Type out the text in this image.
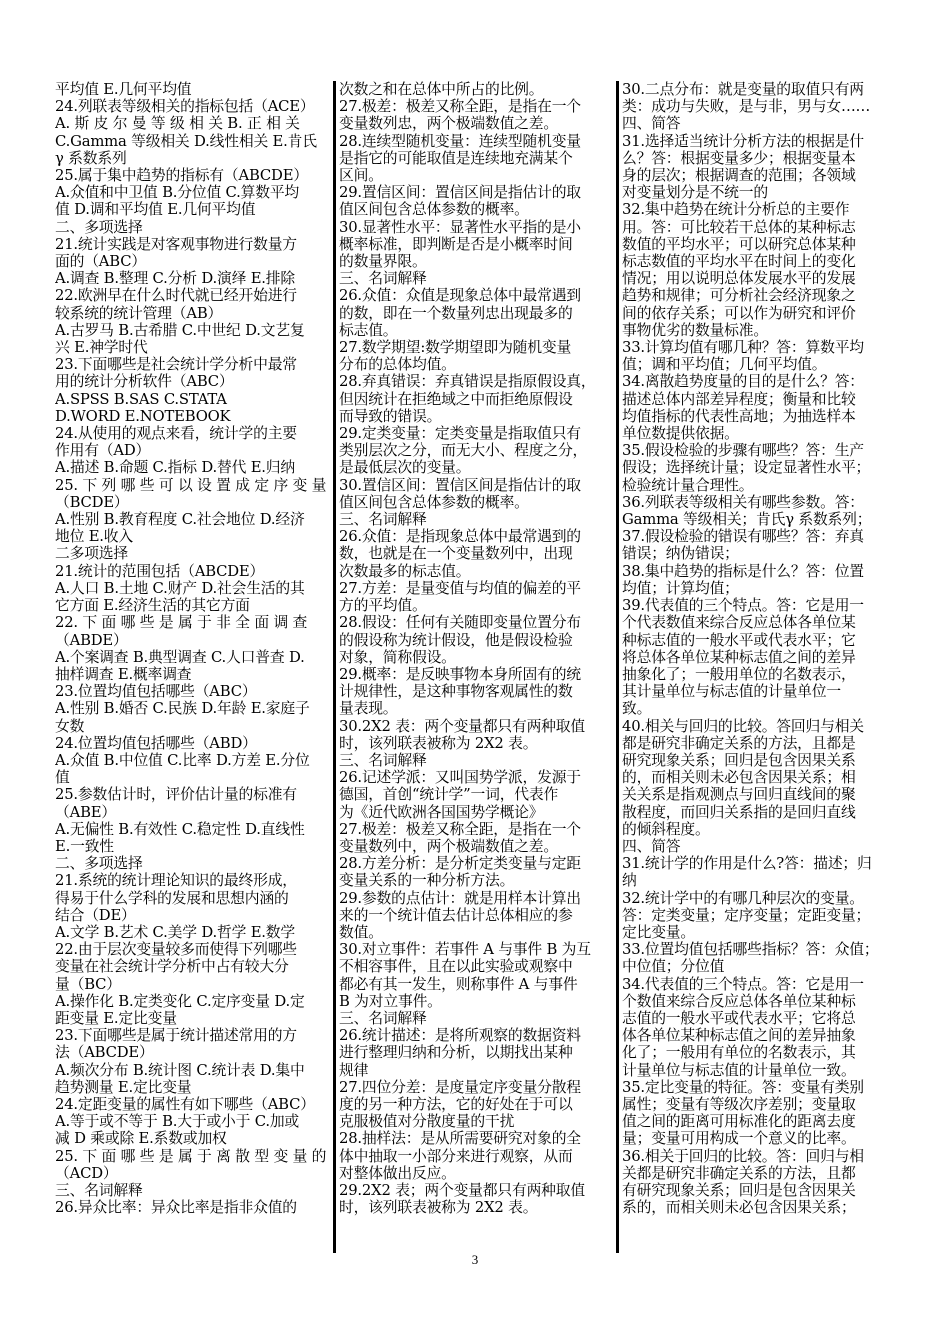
平均值 E.几何平均值
24.列联表等级相关的指标包括（ACE）
A. 斯 皮 尔 曼 等 级 相 关 B. 正 相 关
C.Gamma 等级相关 D.线性相关 E.肯氏
γ 系数系列
25.属于集中趋势的指标有（ABCDE）
A.众值和中卫值 B.分位值 C.算数平均
值 D.调和平均值 E.几何平均值
二、多项选择
21.统计实践是对客观事物进行数量方
面的（ABC）
A.调查 B.整理 C.分析 D.演绎 E.排除
22.欧洲早在什么时代就已经开始进行
较系统的统计管理（AB）
A.古罗马 B.古希腊 C.中世纪 D.文艺复
兴 E.神学时代
23.下面哪些是社会统计学分析中最常
用的统计分析软件（ABC）
A.SPSS B.SAS C.STATA
D.WORD E.NOTEBOOK
24.从使用的观点来看，统计学的主要
作用有（AD）
A.描述 B.命题 C.指标 D.替代 E.归纳
25. 下 列 哪 些 可 以 设 置 成 定 序 变 量
（BCDE）
A.性别 B.教育程度 C.社会地位 D.经济
地位 E.收入
二多项选择
21.统计的范围包括（ABCDE）
A.人口 B.土地 C.财产 D.社会生活的其
它方面 E.经济生活的其它方面
22. 下 面 哪 些 是 属 于 非 全 面 调 查
（ABDE）
A.个案调查 B.典型调查 C.人口普查 D.
抽样调查 E.概率调查
23.位置均值包括哪些（ABC）
A.性别 B.婚否 C.民族 D.年龄 E.家庭子
女数
24.位置均值包括哪些（ABD）
A.众值 B.中位值 C.比率 D.方差 E.分位
值
25.参数估计时，评价估计量的标准有
（ABE）
A.无偏性 B.有效性 C.稳定性 D.直线性
E.一致性
二、多项选择
21.系统的统计理论知识的最终形成，
得易于什么学科的发展和思想内涵的
结合（DE）
A.文学 B.艺术 C.美学 D.哲学 E.数学
22.由于层次变量较多而使得下列哪些
变量在社会统计学分析中占有较大分
量（BC）
A.操作化 B.定类变化 C.定序变量 D.定
距变量 E.定比变量
23.下面哪些是属于统计描述常用的方
法（ABCDE）
A.频次分布 B.统计图 C.统计表 D.集中
趋势测量 E.定比变量
24.定距变量的属性有如下哪些（ABC）
A.等于或不等于 B.大于或小于 C.加或
减 D 乘或除 E.系数或加权
25. 下 面 哪 些 是 属 于 离 散 型 变 量 的
（ACD）
三、名词解释
26.异众比率：异众比率是指非众值的
次数之和在总体中所占的比例。
27.极差：极差又称全距，是指在一个
变量数列忠，两个极端数值之差。
28.连续型随机变量：连续型随机变量
是指它的可能取值是连续地充满某个
区间。
29.置信区间：置信区间是指估计的取
值区间包含总体参数的概率。
30.显著性水平：显著性水平指的是小
概率标准，即判断是否是小概率时间
的数量界限。
三、名词解释
26.众值：众值是现象总体中最常遇到
的数，即在一个数量列忠出现最多的
标志值。
27.数学期望:数学期望即为随机变量
分布的总体均值。
28.弃真错误：弃真错误是指原假设真，
但因统计在拒绝域之中而拒绝原假设
而导致的错误。
29.定类变量：定类变量是指取值只有
类别层次之分，而无大小、程度之分，
是最低层次的变量。
30.置信区间：置信区间是指估计的取
值区间包含总体参数的概率。
三、名词解释
26.众值：是指现象总体中最常遇到的
数，也就是在一个变量数列中，出现
次数最多的标志值。
27.方差：是量变值与均值的偏差的平
方的平均值。
28.假设：任何有关随即变量位置分布
的假设称为统计假设，他是假设检验
对象，简称假设。
29.概率：是反映事物本身所固有的统
计规律性，是这种事物客观属性的数
量表现。
30.2X2 表：两个变量都只有两种取值
时，该列联表被称为 2X2 表。
三、名词解释
26.记述学派：又叫国势学派，发源于
德国，首创“统计学”一词，代表作
为《近代欧洲各国国势学概论》
27.极差：极差又称全距，是指在一个
变量数列中，两个极端数值之差。
28.方差分析：是分析定类变量与定距
变量关系的一种分析方法。
29.参数的点估计：就是用样本计算出
来的一个统计值去估计总体相应的参
数值。
30.对立事件：若事件 A 与事件 B 为互
不相容事件，且在以此实验或观察中
都必有其一发生，则称事件 A 与事件
B 为对立事件。
三、名词解释
26.统计描述：是将所观察的数据资料
进行整理归纳和分析，以期找出某种
规律
27.四位分差：是度量定序变量分散程
度的另一种方法，它的好处在于可以
克服极值对分散度量的干扰
28.抽样法：是从所需要研究对象的全
体中抽取一小部分来进行观察，从而
对整体做出反应。
29.2X2 表；两个变量都只有两种取值
时，该列联表被称为 2X2 表。
30.二点分布：就是变量的取值只有两
类：成功与失败，是与非，男与女……
四、简答
31.选择适当统计分析方法的根据是什
么？答：根据变量多少；根据变量本
身的层次；根据调查的范围；各领域
对变量划分是不统一的
32.集中趋势在统计分析总的主要作
用。答：可比较若干总体的某种标志
数值的平均水平；可以研究总体某种
标志数值的平均水平在时间上的变化
情况；用以说明总体发展水平的发展
趋势和规律；可分析社会经济现象之
间的依存关系；可以作为研究和评价
事物优劣的数量标准。
33.计算均值有哪几种？答：算数平均
值；调和平均值；几何平均值。
34.离散趋势度量的目的是什么？答：
描述总体内部差异程度；衡量和比较
均值指标的代表性高地；为抽选样本
单位数提供依据。
35.假设检验的步骤有哪些？答：生产
假设；选择统计量；设定显著性水平；
检验统计量合理性。
36.列联表等级相关有哪些参数。答：
Gamma 等级相关；肯氏γ 系数系列；
37.假设检验的错误有哪些？答：弃真
错误；纳伪错误；
38.集中趋势的指标是什么？答：位置
均值；计算均值；
39.代表值的三个特点。答：它是用一
个代表数值来综合反应总体各单位某
种标志值的一般水平或代表水平；它
将总体各单位某种标志值之间的差异
抽象化了；一般用单位的名数表示，
其计量单位与标志值的计量单位一
致。
40.相关与回归的比较。答回归与相关
都是研究非确定关系的方法，且都是
研究现象关系；回归是包含因果关系
的，而相关则未必包含因果关系；相
关关系是指观测点与回归直线间的聚
散程度，而回归关系指的是回归直线
的倾斜程度。
四、简答
31.统计学的作用是什么?答：描述；归
纳
32.统计学中的有哪几种层次的变量。
答：定类变量；定序变量；定距变量；
定比变量。
33.位置均值包括哪些指标？答：众值；
中位值；分位值
34.代表值的三个特点。答：它是用一
个数值来综合反应总体各单位某种标
志值的一般水平或代表水平；它将总
体各单位某种标志值之间的差异抽象
化了；一般用有单位的名数表示，其
计量单位与标志值的计量单位一致。
35.定比变量的特征。答：变量有类别
属性；变量有等级次序差别；变量取
值之间的距离可用标准化的距离去度
量；变量可用构成一个意义的比率。
36.相关于回归的比较。答：回归与相
关都是研究非确定关系的方法，且都
有研究现象关系；回归是包含因果关
系的，而相关则未必包含因果关系；
3
